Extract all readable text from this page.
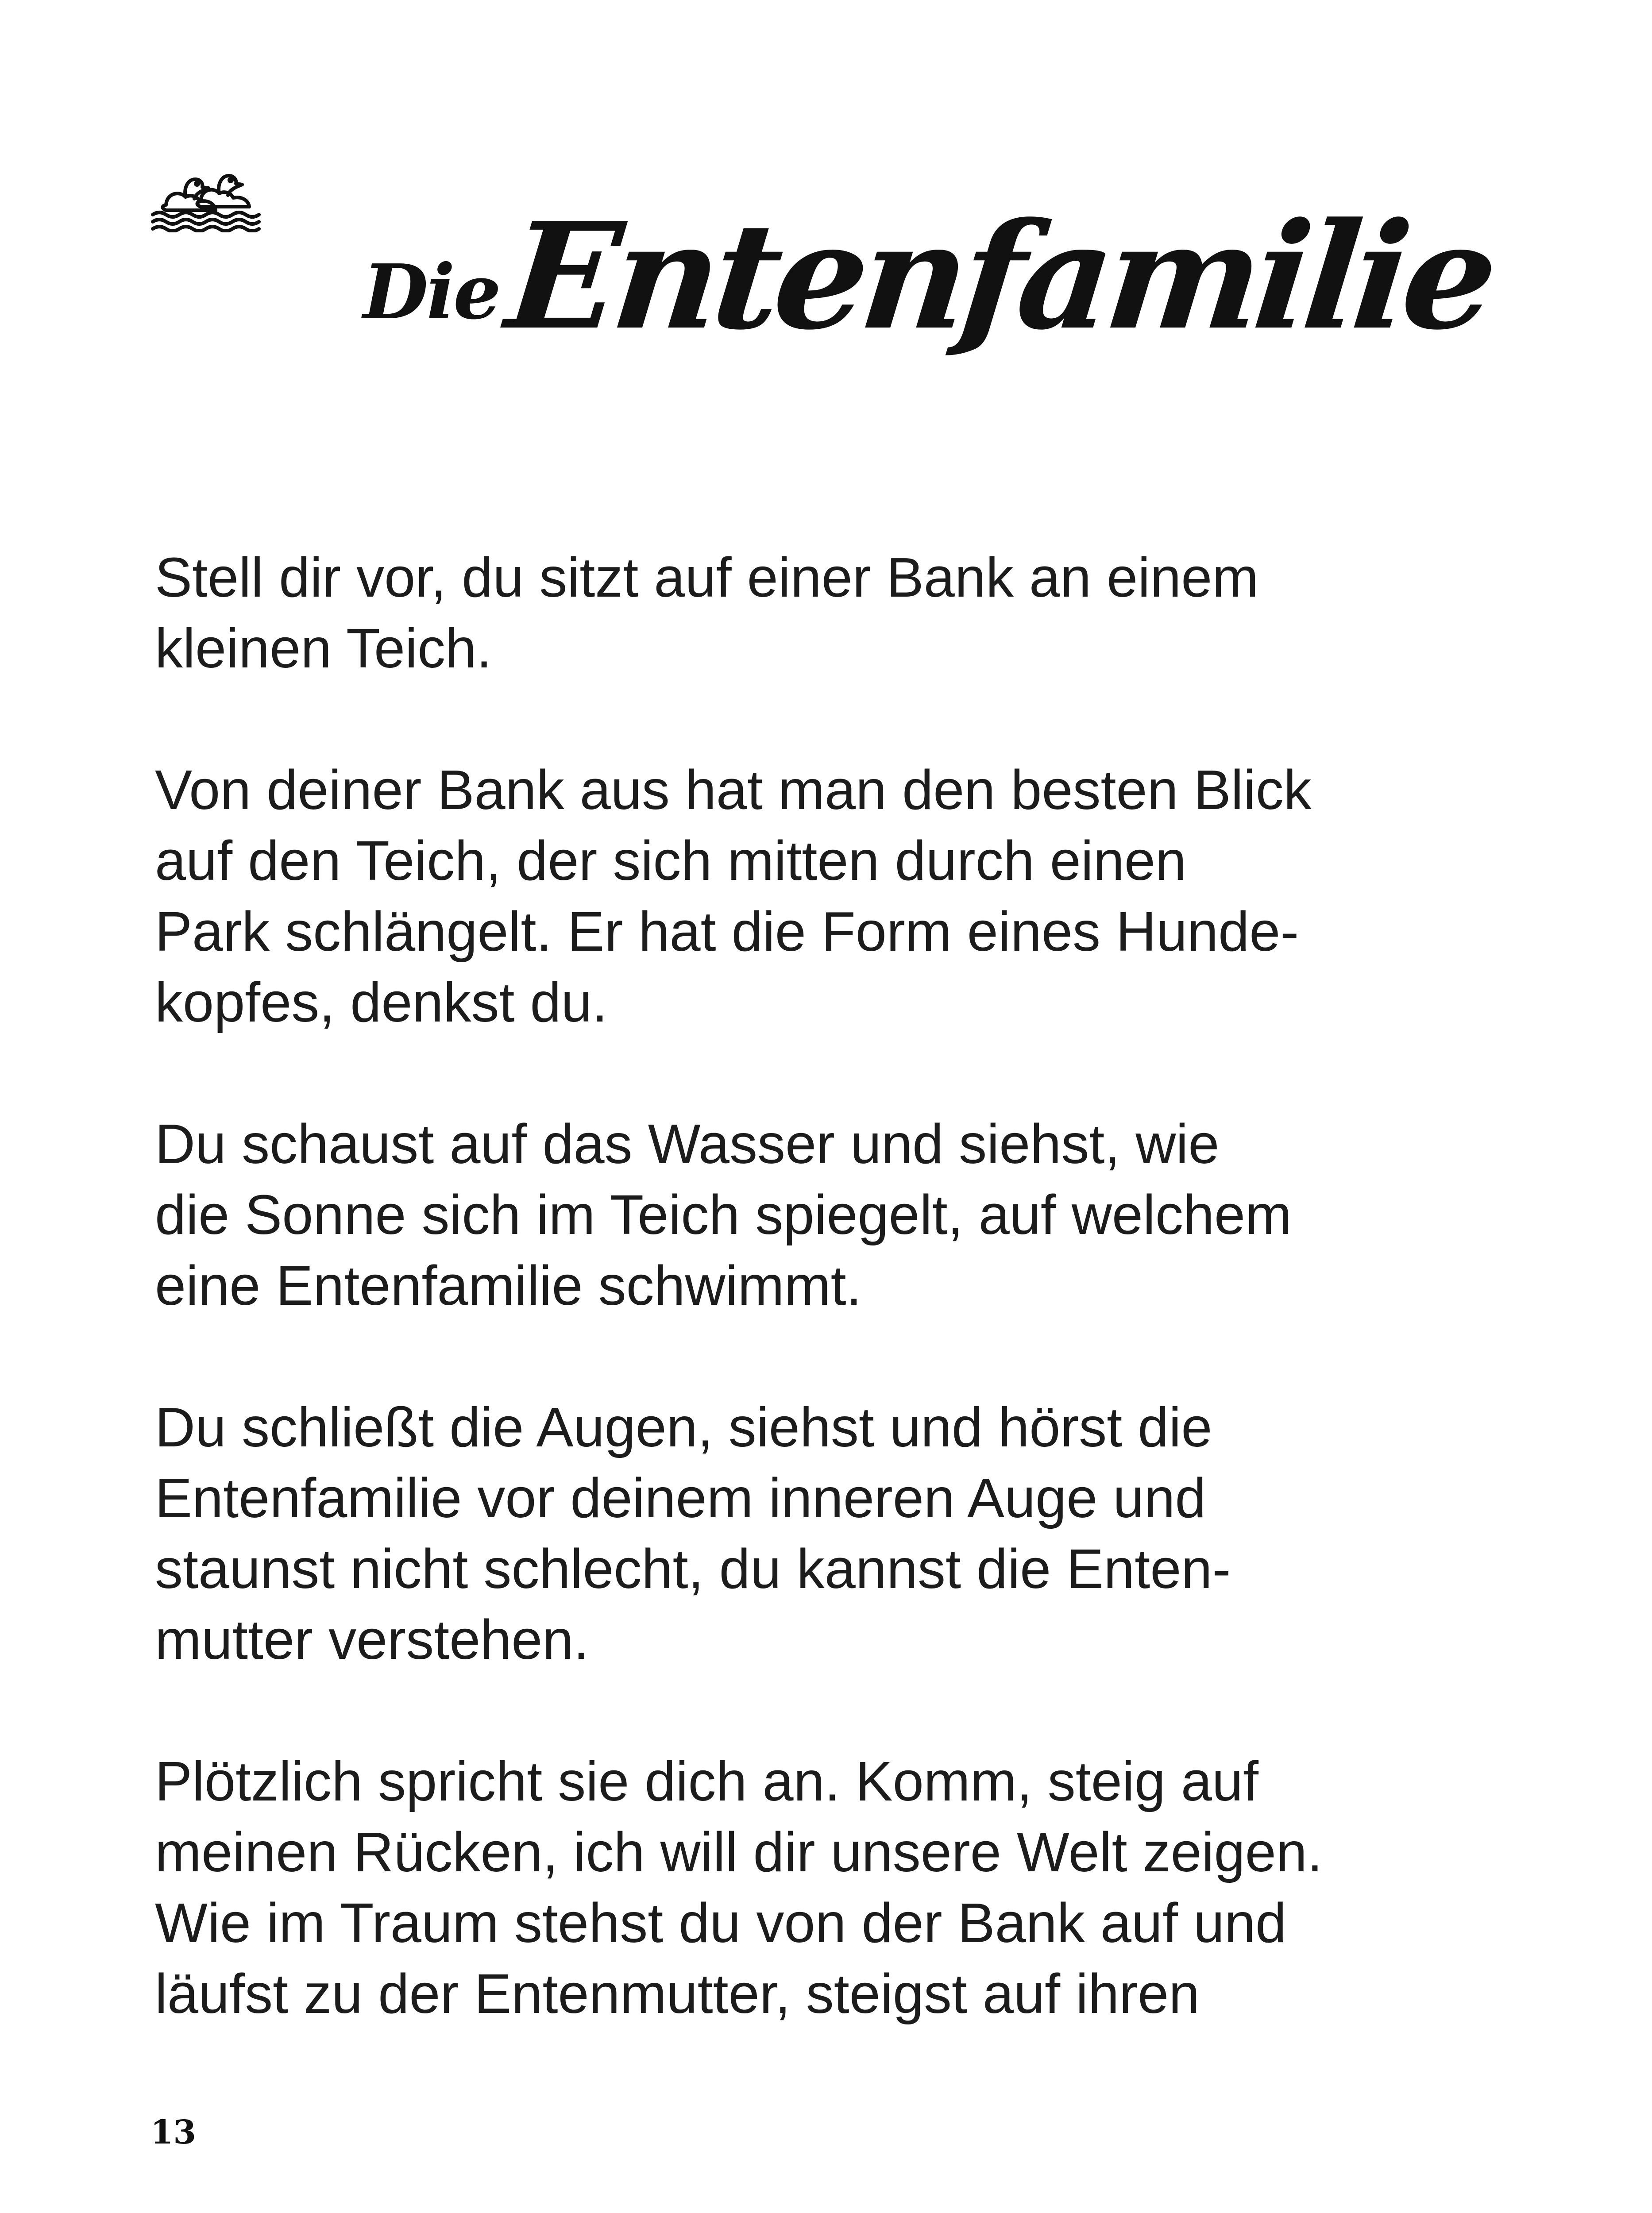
Die Entenfamilie

Stell dir vor, du sitzt auf einer Bank an einem
kleinen Teich.

Von deiner Bank aus hat man den besten Blick
auf den Teich, der sich mitten durch einen
Park schlängelt. Er hat die Form eines Hunde-
kopfes, denkst du.

Du schaust auf das Wasser und siehst, wie
die Sonne sich im Teich spiegelt, auf welchem
eine Entenfamilie schwimmt.

Du schließt die Augen, siehst und hörst die
Entenfamilie vor deinem inneren Auge und
staunst nicht schlecht, du kannst die Enten-
mutter verstehen.

Plötzlich spricht sie dich an. Komm, steig auf
meinen Rücken, ich will dir unsere Welt zeigen.
Wie im Traum stehst du von der Bank auf und
läufst zu der Entenmutter, steigst auf ihren

13
